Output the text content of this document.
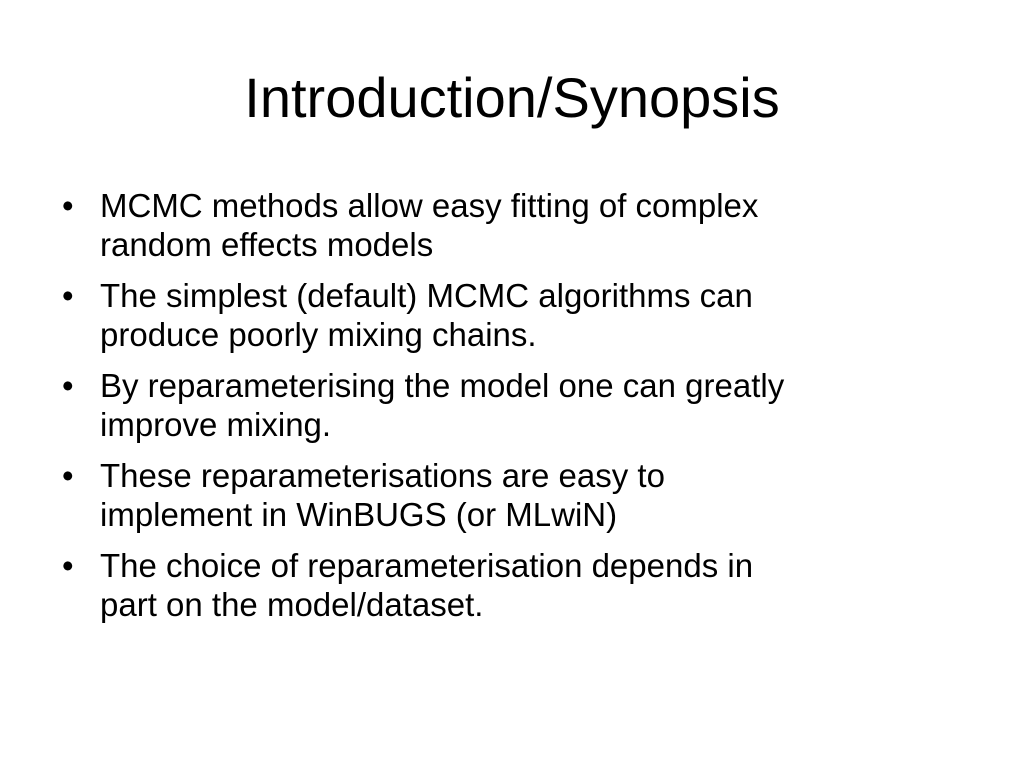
Introduction/Synopsis
• MCMC methods allow easy fitting of complex
random effects models
• The simplest (default) MCMC algorithms can
produce poorly mixing chains.
• By reparameterising the model one can greatly
improve mixing.
• These reparameterisations are easy to
implement in WinBUGS (or MLwiN)
• The choice of reparameterisation depends in
part on the model/dataset.
